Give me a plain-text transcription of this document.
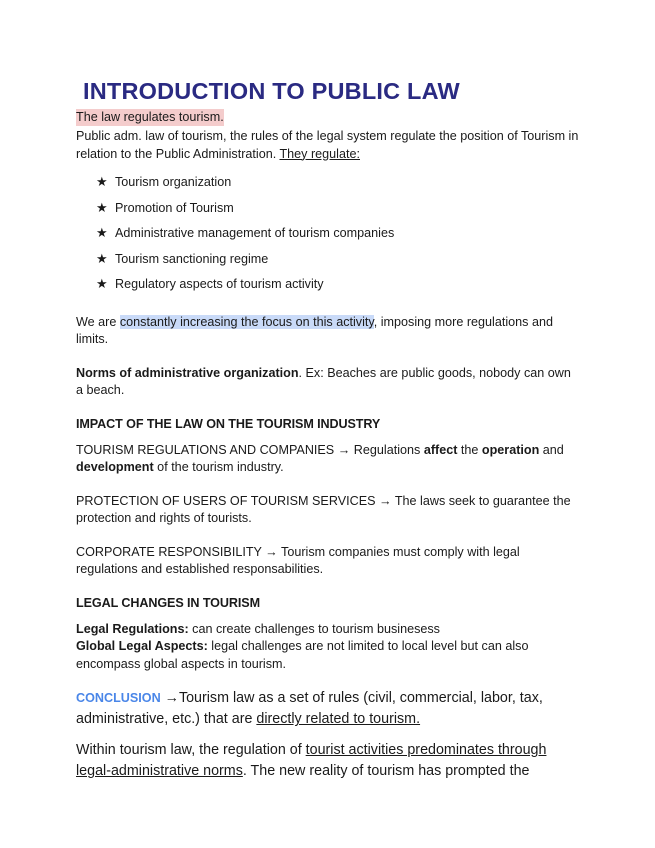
INTRODUCTION TO PUBLIC LAW
The law regulates tourism.

Public adm. law of tourism, the rules of the legal system regulate the position of Tourism in relation to the Public Administration. They regulate:

★ Tourism organization
★ Promotion of Tourism
★ Administrative management of tourism companies
★ Tourism sanctioning regime
★ Regulatory aspects of tourism activity

We are constantly increasing the focus on this activity, imposing more regulations and limits.

Norms of administrative organization. Ex: Beaches are public goods, nobody can own a beach.

IMPACT OF THE LAW ON THE TOURISM INDUSTRY

TOURISM REGULATIONS AND COMPANIES → Regulations affect the operation and development of the tourism industry.

PROTECTION OF USERS OF TOURISM SERVICES → The laws seek to guarantee the protection and rights of tourists.

CORPORATE RESPONSIBILITY → Tourism companies must comply with legal regulations and established responsabilities.

LEGAL CHANGES IN TOURISM

Legal Regulations: can create challenges to tourism businesess
Global Legal Aspects: legal challenges are not limited to local level but can also encompass global aspects in tourism.

CONCLUSION →Tourism law as a set of rules (civil, commercial, labor, tax, administrative, etc.) that are directly related to tourism.

Within tourism law, the regulation of tourist activities predominates through legal-administrative norms. The new reality of tourism has prompted the
